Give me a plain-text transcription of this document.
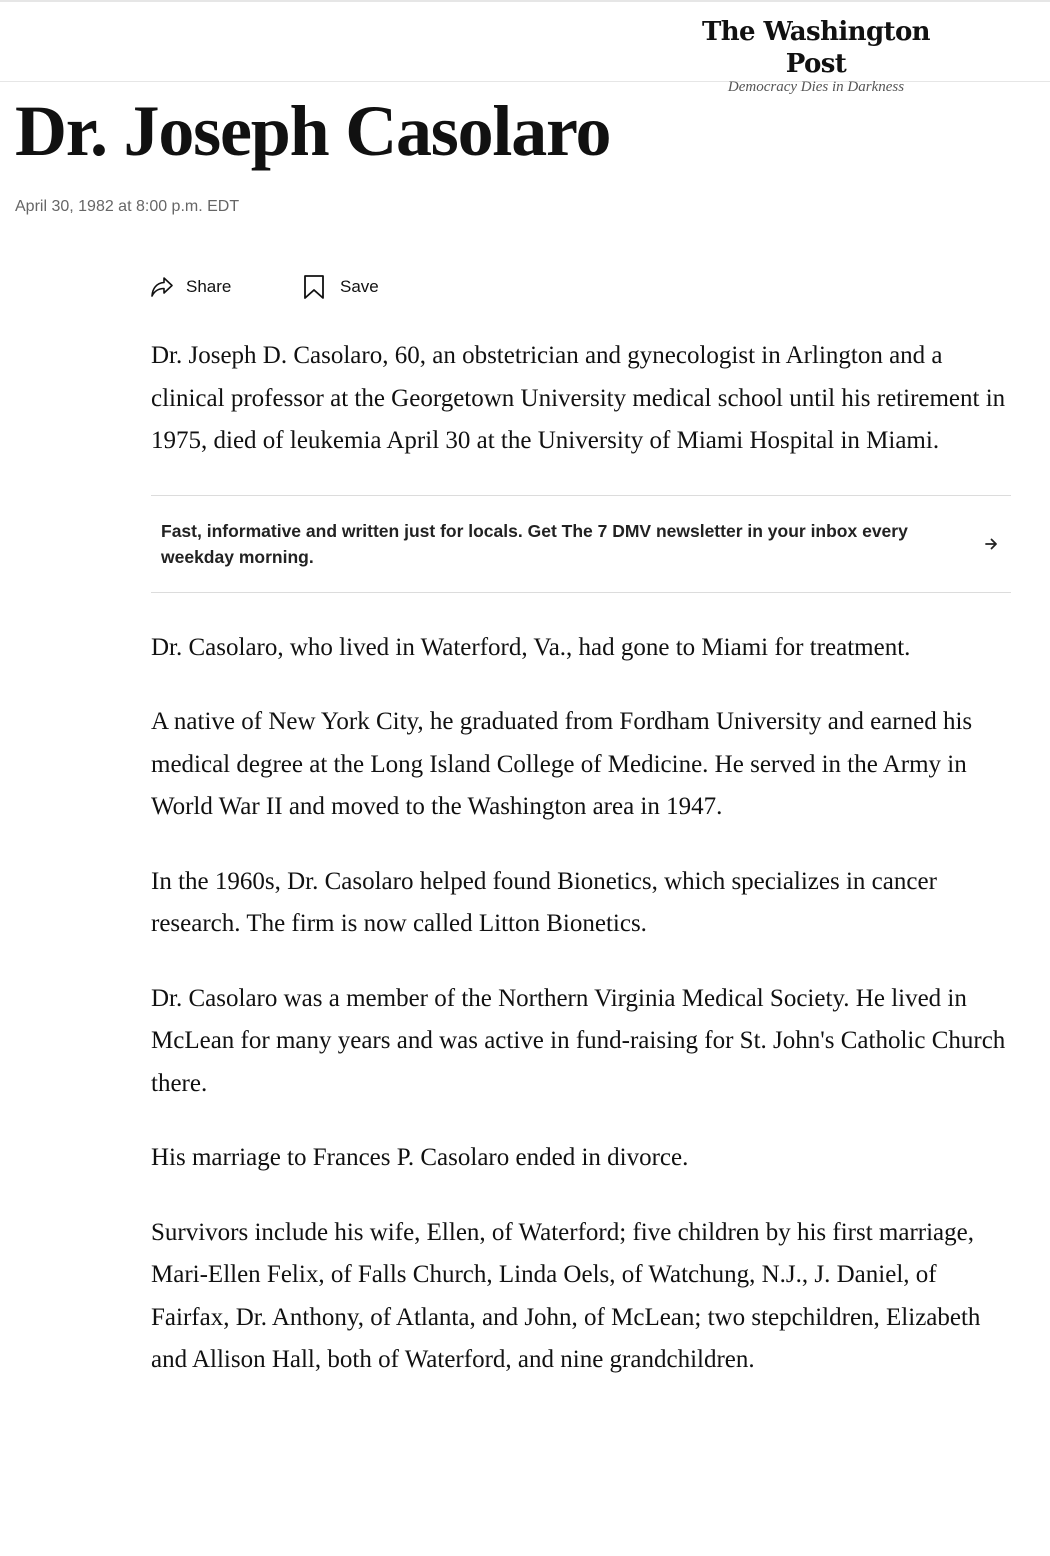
The Washington Post
Democracy Dies in Darkness
Dr. Joseph Casolaro
April 30, 1982 at 8:00 p.m. EDT
Share	Save

Dr. Joseph D. Casolaro, 60, an obstetrician and gynecologist in Arlington and a clinical professor at the Georgetown University medical school until his retirement in 1975, died of leukemia April 30 at the University of Miami Hospital in Miami.

Fast, informative and written just for locals. Get The 7 DMV newsletter in your inbox every weekday morning.

Dr. Casolaro, who lived in Waterford, Va., had gone to Miami for treatment.

A native of New York City, he graduated from Fordham University and earned his medical degree at the Long Island College of Medicine. He served in the Army in World War II and moved to the Washington area in 1947.

In the 1960s, Dr. Casolaro helped found Bionetics, which specializes in cancer research. The firm is now called Litton Bionetics.

Dr. Casolaro was a member of the Northern Virginia Medical Society. He lived in McLean for many years and was active in fund-raising for St. John's Catholic Church there.

His marriage to Frances P. Casolaro ended in divorce.

Survivors include his wife, Ellen, of Waterford; five children by his first marriage, Mari-Ellen Felix, of Falls Church, Linda Oels, of Watchung, N.J., J. Daniel, of Fairfax, Dr. Anthony, of Atlanta, and John, of McLean; two stepchildren, Elizabeth and Allison Hall, both of Waterford, and nine grandchildren.
